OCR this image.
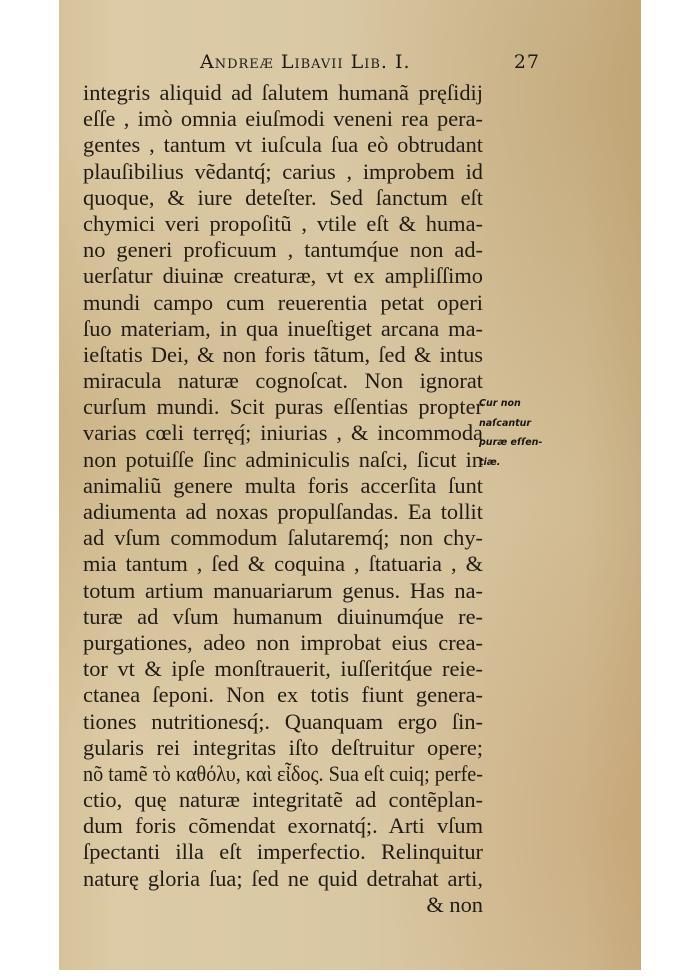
Andreæ Libavii Lib. I.	27
integris aliquid ad ſalutem humanã pręſidij
eſſe , imò omnia eiuſmodi veneni rea pera-
gentes , tantum vt iuſcula ſua eò obtrudant
plauſibilius vẽdantq́; carius , improbem id
quoque, & iure deteſter. Sed ſanctum eſt
chymici veri propoſitũ , vtile eſt & huma-
no generi proficuum , tantumq́ue non ad-
uerſatur diuinæ creaturæ, vt ex ampliſſimo
mundi campo cum reuerentia petat operi
ſuo materiam, in qua inueſtiget arcana ma-
ieſtatis Dei, & non foris tãtum, ſed & intus
miracula naturæ cognoſcat. Non ignorat
curſum mundi. Scit puras eſſentias propter
varias cœli terręq́; iniurias , & incommoda
non potuiſſe ſinc adminiculis naſci, ſicut in
animaliũ genere multa foris accerſita ſunt
adiumenta ad noxas propulſandas. Ea tollit
ad vſum commodum ſalutaremq́; non chy-
mia tantum , ſed & coquina , ſtatuaria , &
totum artium manuariarum genus. Has na-
turæ ad vſum humanum diuinumq́ue re-
purgationes, adeo non improbat eius crea-
tor vt & ipſe monſtrauerit, iuſſeritq́ue reie-
ctanea ſeponi. Non ex totis fiunt genera-
tiones nutritionesq́;. Quanquam ergo ſin-
gularis rei integritas iſto deſtruitur opere;
nõ tamẽ τὸ καθόλυ, καὶ εἶδος. Sua eſt cuiq; perfe-
ctio, quę naturæ integritatẽ ad contẽplan-
dum foris cõmendat exornatq́;. Arti vſum
ſpectanti illa eſt imperfectio. Relinquitur
naturę gloria ſua; ſed ne quid detrahat arti,
& non
Cur non
naſcantur
puræ eſſen-
tiæ.
